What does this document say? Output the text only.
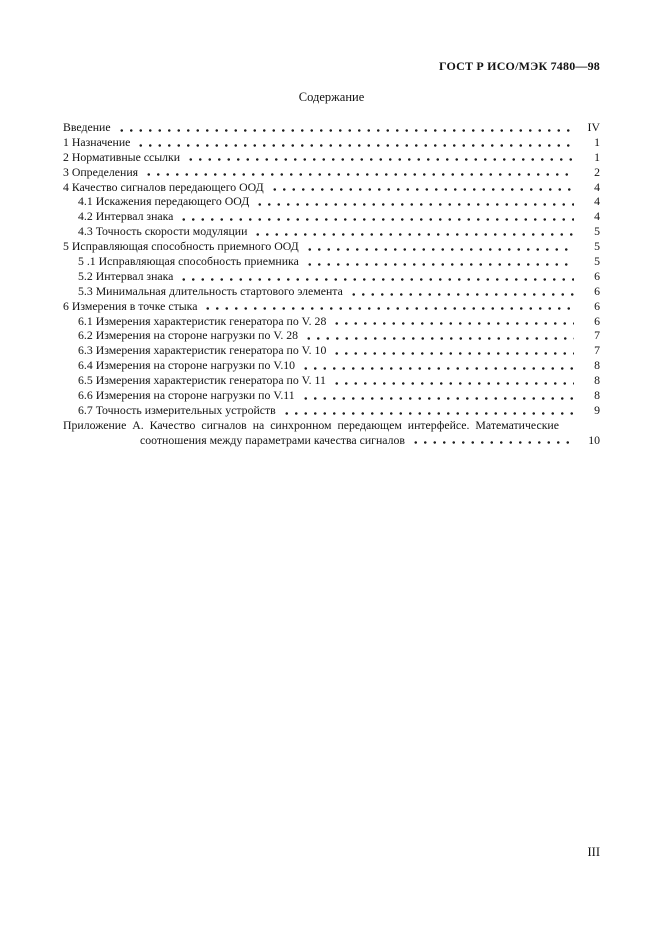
ГОСТ Р ИСО/МЭК 7480—98
Содержание
Введение	IV
1 Назначение	1
2 Нормативные ссылки	1
3 Определения	2
4 Качество сигналов передающего ООД	4
4.1 Искажения передающего ООД	4
4.2 Интервал знака	4
4.3 Точность скорости модуляции	5
5 Исправляющая способность приемного ООД	5
5 .1 Исправляющая способность приемника	5
5.2 Интервал знака	6
5.3 Минимальная длительность стартового элемента	6
6 Измерения в точке стыка	6
6.1 Измерения характеристик генератора по V. 28	6
6.2 Измерения на стороне нагрузки по V. 28	7
6.3 Измерения характеристик генератора по V. 10	7
6.4 Измерения на стороне нагрузки по V.10	8
6.5 Измерения характеристик генератора по V. 11	8
6.6 Измерения на стороне нагрузки по V.11	8
6.7 Точность измерительных устройств	9
Приложение А. Качество сигналов на синхронном передающем интерфейсе. Математические
соотношения между параметрами качества сигналов	10
III
